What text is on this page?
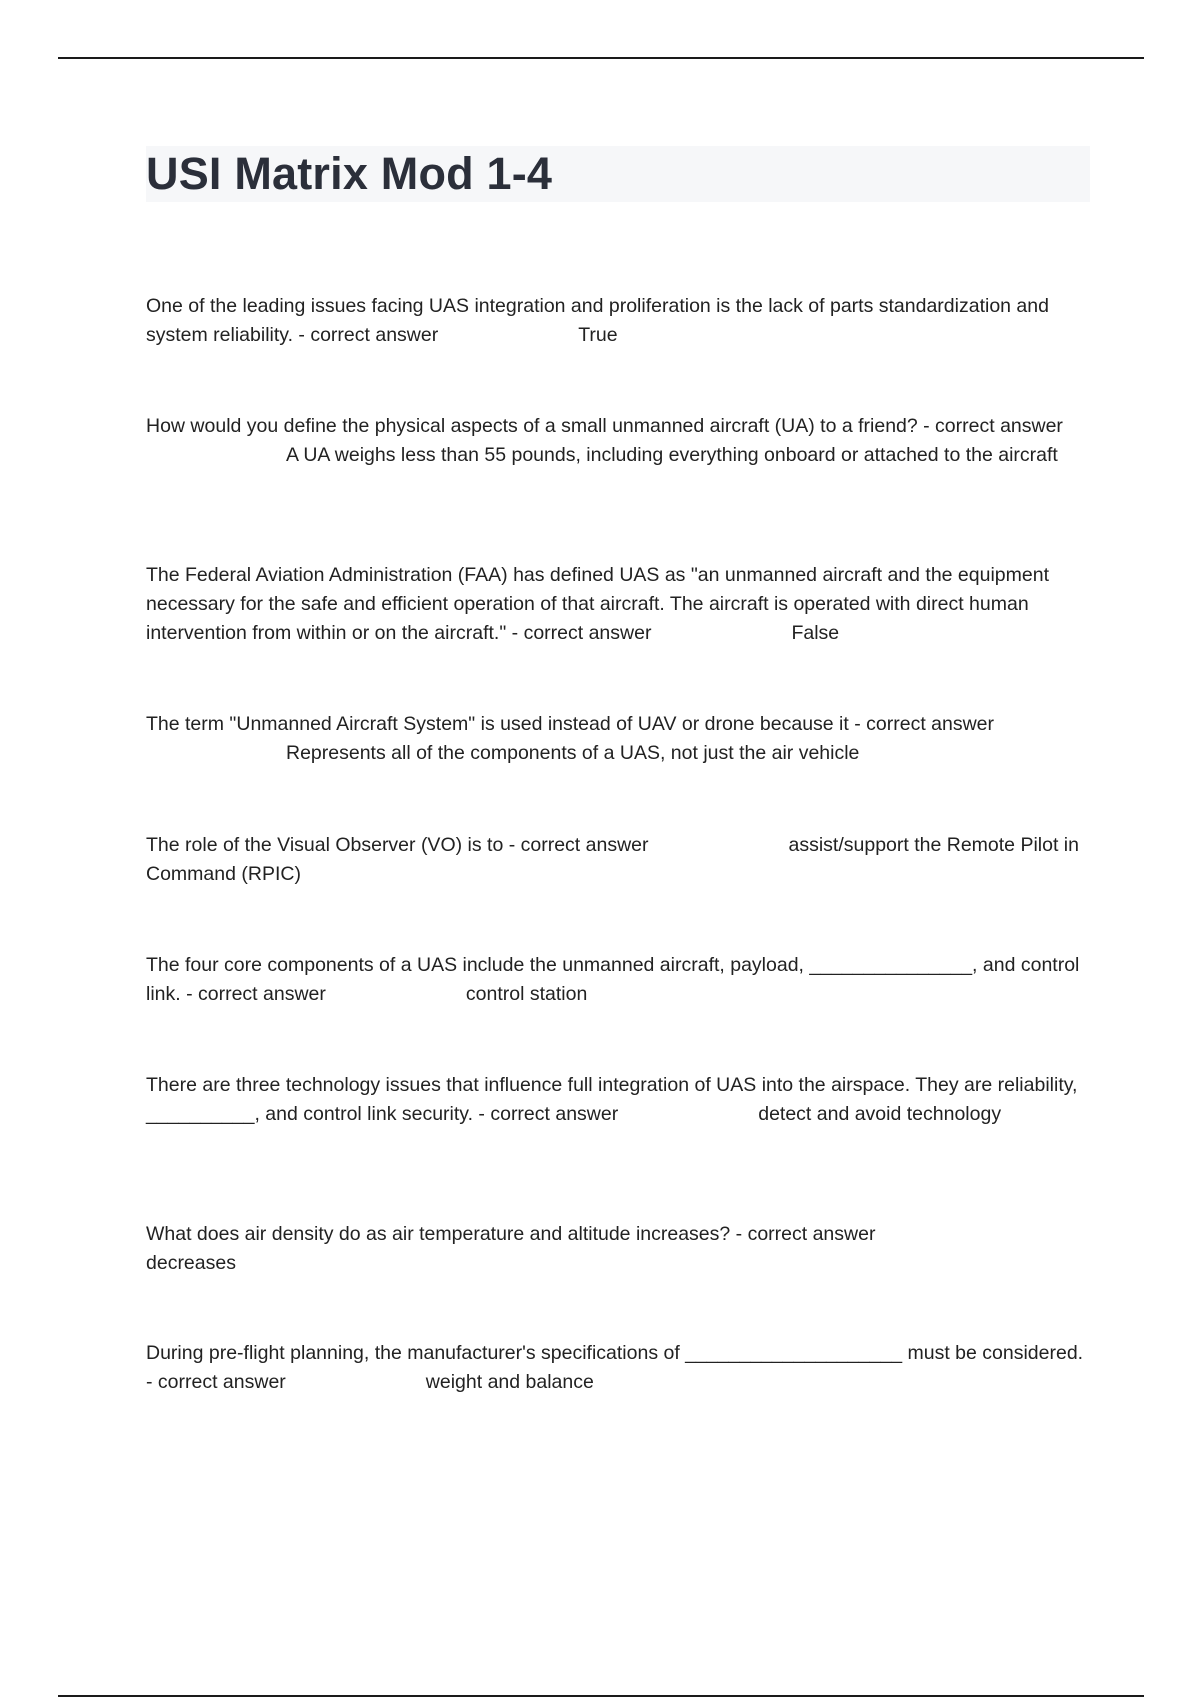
USI Matrix Mod 1-4
One of the leading issues facing UAS integration and proliferation is the lack of parts standardization and system reliability. - correct answer	True
How would you define the physical aspects of a small unmanned aircraft (UA) to a friend? - correct answerA UA weighs less than 55 pounds, including everything onboard or attached to the aircraft
The Federal Aviation Administration (FAA) has defined UAS as "an unmanned aircraft and the equipment necessary for the safe and efficient operation of that aircraft. The aircraft is operated with direct human intervention from within or on the aircraft." - correct answer	False
The term "Unmanned Aircraft System" is used instead of UAV or drone because it - correct answerRepresents all of the components of a UAS, not just the air vehicle
The role of the Visual Observer (VO) is to - correct answer	assist/support the Remote Pilot in Command (RPIC)
The four core components of a UAS include the unmanned aircraft, payload, _______________, and control link. - correct answer	control station
There are three technology issues that influence full integration of UAS into the airspace. They are reliability, __________, and control link security. - correct answer	detect and avoid technology
What does air density do as air temperature and altitude increases? - correct answerdecreases
During pre-flight planning, the manufacturer's specifications of ____________________ must be considered. - correct answer	weight and balance
